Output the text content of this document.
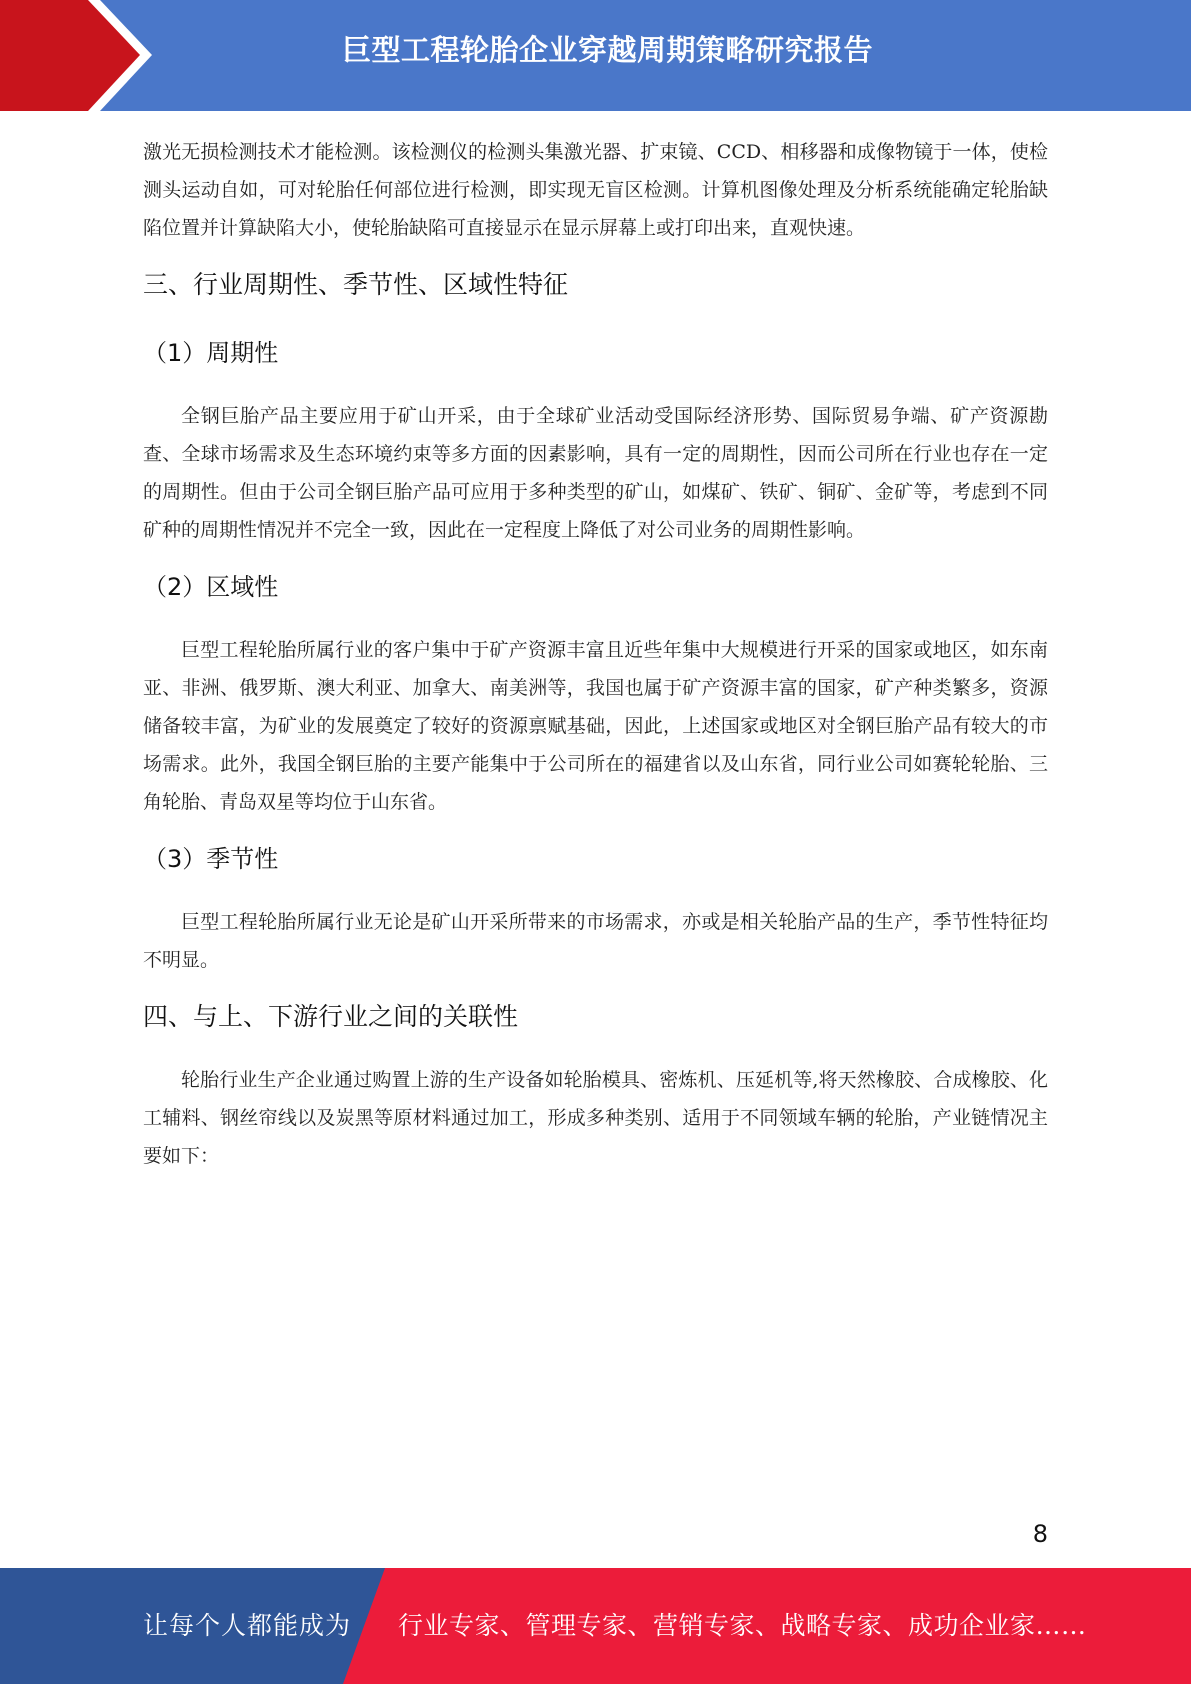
巨型工程轮胎企业穿越周期策略研究报告

激光无损检测技术才能检测。该检测仪的检测头集激光器、扩束镜、CCD、相移器和成像物镜于一体，使检测头运动自如，可对轮胎任何部位进行检测，即实现无盲区检测。计算机图像处理及分析系统能确定轮胎缺陷位置并计算缺陷大小，使轮胎缺陷可直接显示在显示屏幕上或打印出来，直观快速。

三、行业周期性、季节性、区域性特征
（1）周期性

全钢巨胎产品主要应用于矿山开采，由于全球矿业活动受国际经济形势、国际贸易争端、矿产资源勘查、全球市场需求及生态环境约束等多方面的因素影响，具有一定的周期性，因而公司所在行业也存在一定的周期性。但由于公司全钢巨胎产品可应用于多种类型的矿山，如煤矿、铁矿、铜矿、金矿等，考虑到不同矿种的周期性情况并不完全一致，因此在一定程度上降低了对公司业务的周期性影响。

（2）区域性

巨型工程轮胎所属行业的客户集中于矿产资源丰富且近些年集中大规模进行开采的国家或地区，如东南亚、非洲、俄罗斯、澳大利亚、加拿大、南美洲等，我国也属于矿产资源丰富的国家，矿产种类繁多，资源储备较丰富，为矿业的发展奠定了较好的资源禀赋基础，因此，上述国家或地区对全钢巨胎产品有较大的市场需求。此外，我国全钢巨胎的主要产能集中于公司所在的福建省以及山东省，同行业公司如赛轮轮胎、三角轮胎、青岛双星等均位于山东省。

（3）季节性

巨型工程轮胎所属行业无论是矿山开采所带来的市场需求，亦或是相关轮胎产品的生产，季节性特征均不明显。

四、与上、下游行业之间的关联性

轮胎行业生产企业通过购置上游的生产设备如轮胎模具、密炼机、压延机等,将天然橡胶、合成橡胶、化工辅料、钢丝帘线以及炭黑等原材料通过加工，形成多种类别、适用于不同领域车辆的轮胎，产业链情况主要如下：

8
让每个人都能成为 行业专家、管理专家、营销专家、战略专家、成功企业家……
